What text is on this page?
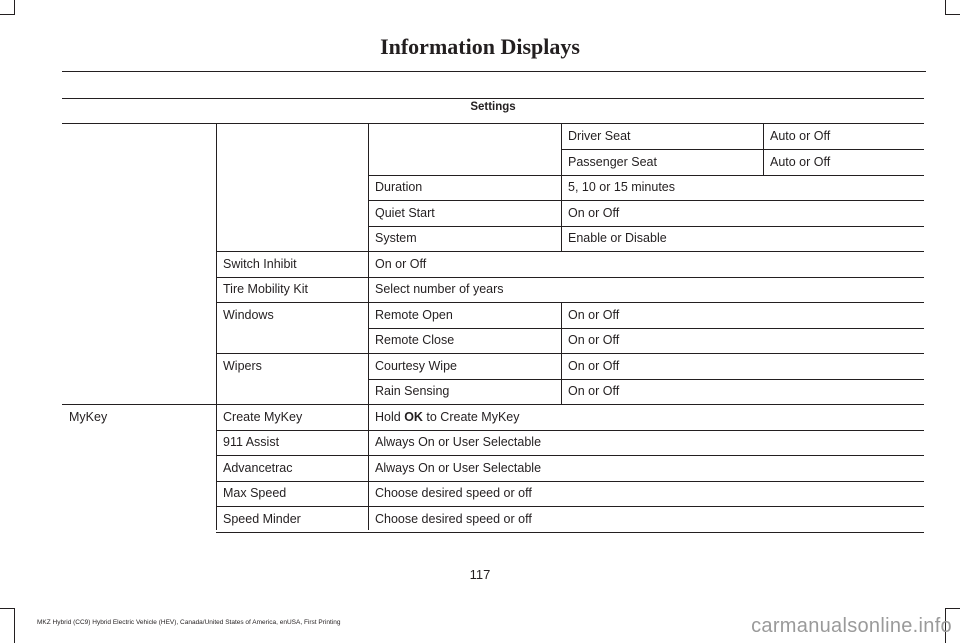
Information Displays
Settings
Driver Seat	Auto or Off
Passenger Seat	Auto or Off
Duration	5, 10 or 15 minutes
Quiet Start	On or Off
System	Enable or Disable
Switch Inhibit	On or Off
Tire Mobility Kit	Select number of years
Windows	Remote Open	On or Off
Remote Close	On or Off
Wipers	Courtesy Wipe	On or Off
Rain Sensing	On or Off
MyKey	Create MyKey	Hold OK to Create MyKey
911 Assist	Always On or User Selectable
Advancetrac	Always On or User Selectable
Max Speed	Choose desired speed or off
Speed Minder	Choose desired speed or off
117
MKZ Hybrid (CC9) Hybrid Electric Vehicle (HEV), Canada/United States of America, enUSA, First Printing	carmanualsonline.info
